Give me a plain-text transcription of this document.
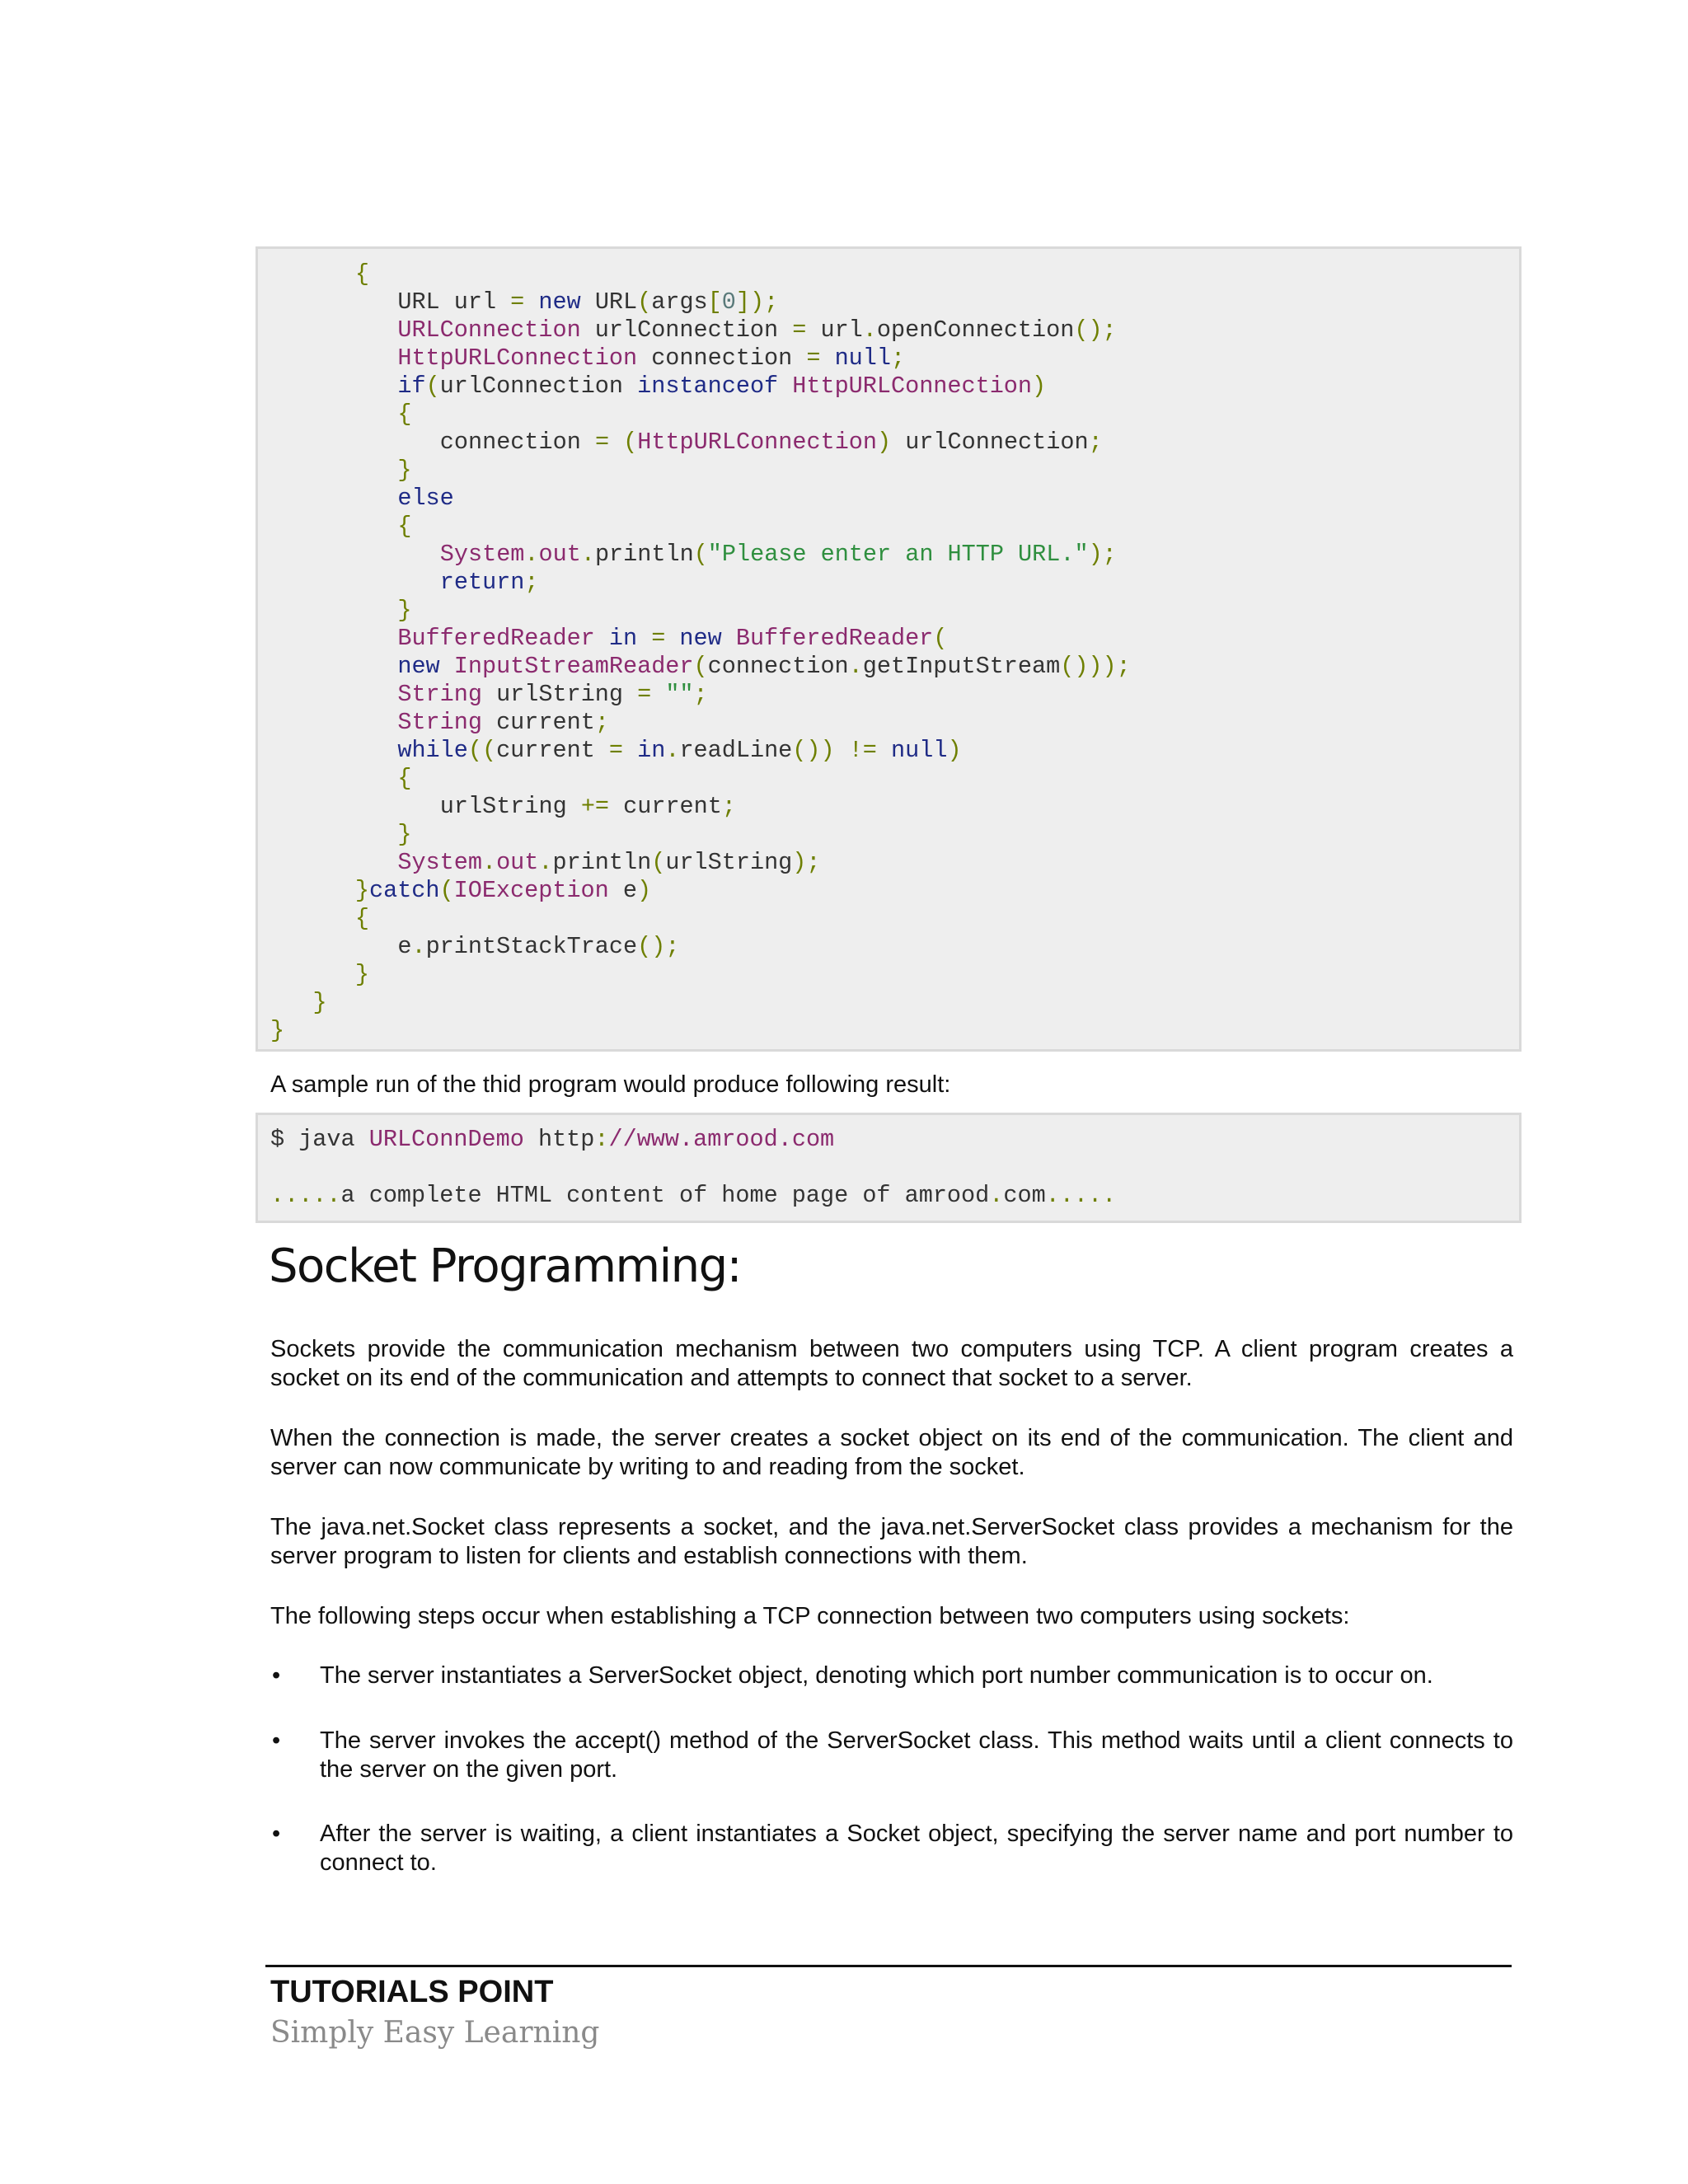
{
URL url = new URL(args[0]);
URLConnection urlConnection = url.openConnection();
HttpURLConnection connection = null;
if(urlConnection instanceof HttpURLConnection)
{
connection = (HttpURLConnection) urlConnection;
}
else
{
System.out.println("Please enter an HTTP URL.");
return;
}
BufferedReader in = new BufferedReader(
new InputStreamReader(connection.getInputStream()));
String urlString = "";
String current;
while((current = in.readLine()) != null)
{
urlString += current;
}
System.out.println(urlString);
}catch(IOException e)
{
e.printStackTrace();
}
}
}

A sample run of the thid program would produce following result:

$ java URLConnDemo http://www.amrood.com
.....a complete HTML content of home page of amrood.com.....
Socket Programming:

Sockets provide the communication mechanism between two computers using TCP. A client program creates a socket on its end of the communication and attempts to connect that socket to a server.

When the connection is made, the server creates a socket object on its end of the communication. The client and server can now communicate by writing to and reading from the socket.

The java.net.Socket class represents a socket, and the java.net.ServerSocket class provides a mechanism for the server program to listen for clients and establish connections with them.

The following steps occur when establishing a TCP connection between two computers using sockets:

• The server instantiates a ServerSocket object, denoting which port number communication is to occur on.

• The server invokes the accept() method of the ServerSocket class. This method waits until a client connects to the server on the given port.

• After the server is waiting, a client instantiates a Socket object, specifying the server name and port number to connect to.

TUTORIALS POINT

Simply Easy Learning
